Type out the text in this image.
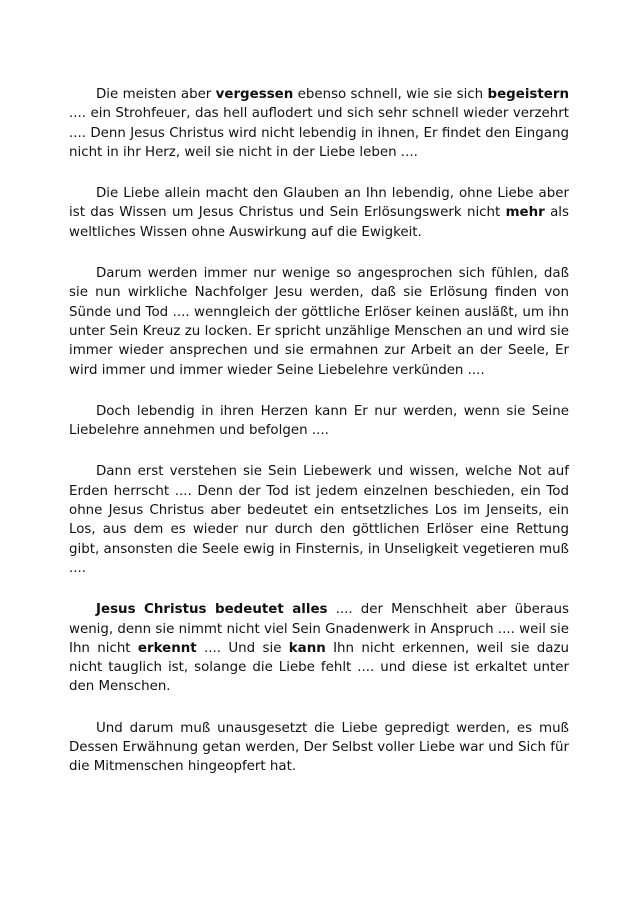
Die meisten aber vergessen ebenso schnell, wie sie sich begeistern .... ein Strohfeuer, das hell auflodert und sich sehr schnell wieder verzehrt .... Denn Jesus Christus wird nicht lebendig in ihnen, Er findet den Eingang nicht in ihr Herz, weil sie nicht in der Liebe leben ....

Die Liebe allein macht den Glauben an Ihn lebendig, ohne Liebe aber ist das Wissen um Jesus Christus und Sein Erlösungswerk nicht mehr als weltliches Wissen ohne Auswirkung auf die Ewigkeit.

Darum werden immer nur wenige so angesprochen sich fühlen, daß sie nun wirkliche Nachfolger Jesu werden, daß sie Erlösung finden von Sünde und Tod .... wenngleich der göttliche Erlöser keinen ausläßt, um ihn unter Sein Kreuz zu locken. Er spricht unzählige Menschen an und wird sie immer wieder ansprechen und sie ermahnen zur Arbeit an der Seele, Er wird immer und immer wieder Seine Liebelehre verkünden ....

Doch lebendig in ihren Herzen kann Er nur werden, wenn sie Seine Liebelehre annehmen und befolgen ....

Dann erst verstehen sie Sein Liebewerk und wissen, welche Not auf Erden herrscht .... Denn der Tod ist jedem einzelnen beschieden, ein Tod ohne Jesus Christus aber bedeutet ein entsetzliches Los im Jenseits, ein Los, aus dem es wieder nur durch den göttlichen Erlöser eine Rettung gibt, ansonsten die Seele ewig in Finsternis, in Unseligkeit vegetieren muß ....

Jesus Christus bedeutet alles .... der Menschheit aber überaus wenig, denn sie nimmt nicht viel Sein Gnadenwerk in Anspruch .... weil sie Ihn nicht erkennt .... Und sie kann Ihn nicht erkennen, weil sie dazu nicht tauglich ist, solange die Liebe fehlt .... und diese ist erkaltet unter den Menschen.

Und darum muß unausgesetzt die Liebe gepredigt werden, es muß Dessen Erwähnung getan werden, Der Selbst voller Liebe war und Sich für die Mitmenschen hingeopfert hat.
